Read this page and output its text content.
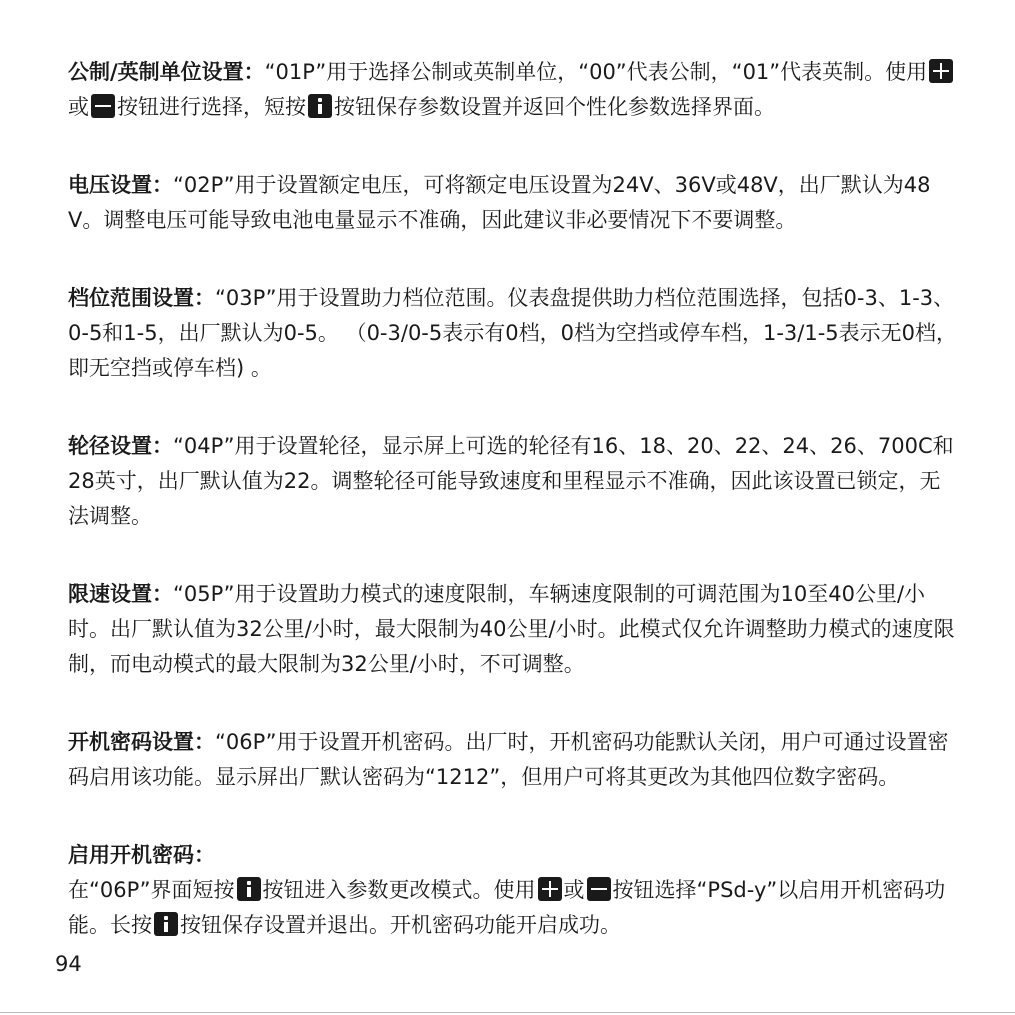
公制/英制单位设置：“01P”用于选择公制或英制单位，“00”代表公制，“01”代表英制。使用或 按钮进行选择，短按 按钮保存参数设置并返回个性化参数选择界面。

电压设置：“02P”用于设置额定电压，可将额定电压设置为24V、36V或48V，出厂默认为48V。调整电压可能导致电池电量显示不准确，因此建议非必要情况下不要调整。

档位范围设置：“03P”用于设置助力档位范围。仪表盘提供助力档位范围选择，包括0-3、1-3、0-5和1-5，出厂默认为0-5。 （0-3/0-5表示有0档，0档为空挡或停车档，1-3/1-5表示无0档，即无空挡或停车档) 。

轮径设置：“04P”用于设置轮径，显示屏上可选的轮径有16、18、20、22、24、26、700C和28英寸，出厂默认值为22。调整轮径可能导致速度和里程显示不准确，因此该设置已锁定，无法调整。

限速设置：“05P”用于设置助力模式的速度限制，车辆速度限制的可调范围为10至40公里/小时。出厂默认值为32公里/小时，最大限制为40公里/小时。此模式仅允许调整助力模式的速度限制，而电动模式的最大限制为32公里/小时，不可调整。

开机密码设置：“06P”用于设置开机密码。出厂时，开机密码功能默认关闭，用户可通过设置密码启用该功能。显示屏出厂默认密码为“1212”，但用户可将其更改为其他四位数字密码。

启用开机密码：
在“06P”界面短按 按钮进入参数更改模式。使用 或 按钮选择“PSd-y”以启用开机密码功能。长按 按钮保存设置并退出。开机密码功能开启成功。

94
